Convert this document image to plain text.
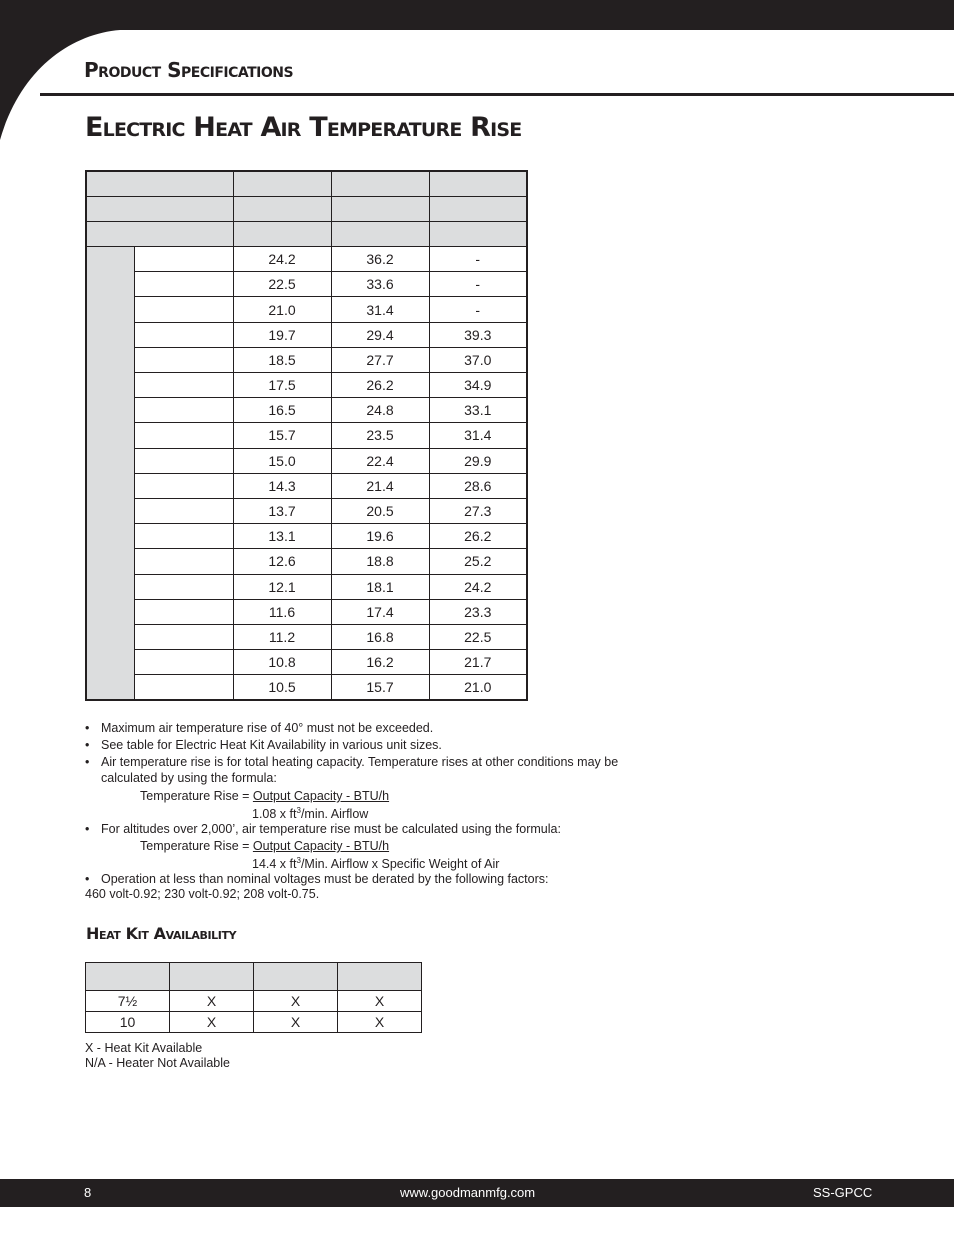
Product Specifications
Electric Heat Air Temperature Rise

		24.2	36.2	-
		22.5	33.6	-
		21.0	31.4	-
		19.7	29.4	39.3
		18.5	27.7	37.0
		17.5	26.2	34.9
		16.5	24.8	33.1
		15.7	23.5	31.4
		15.0	22.4	29.9
		14.3	21.4	28.6
		13.7	20.5	27.3
		13.1	19.6	26.2
		12.6	18.8	25.2
		12.1	18.1	24.2
		11.6	17.4	23.3
		11.2	16.8	22.5
		10.8	16.2	21.7
		10.5	15.7	21.0
• Maximum air temperature rise of 40° must not be exceeded.
• See table for Electric Heat Kit Availability in various unit sizes.
• Air temperature rise is for total heating capacity. Temperature rises at other conditions may be calculated by using the formula:
Temperature Rise = Output Capacity - BTU/h
1.08 x $ft^3/\min$. Airflow
• For altitudes over 2,000’, air temperature rise must be calculated using the formula:
Temperature Rise = Output Capacity - BTU/h
14.4 x $ft^3$/Min. Airflow x Specific Weight of Air
• Operation at less than nominal voltages must be derated by the following factors:
460 volt-0.92; 230 volt-0.92; 208 volt-0.75.
Heat Kit Availability

7½	X	X	X
10	X	X	X
X - Heat Kit Available
N/A - Heater Not Available
8	www.goodmanmfg.com	SS-GPCC
